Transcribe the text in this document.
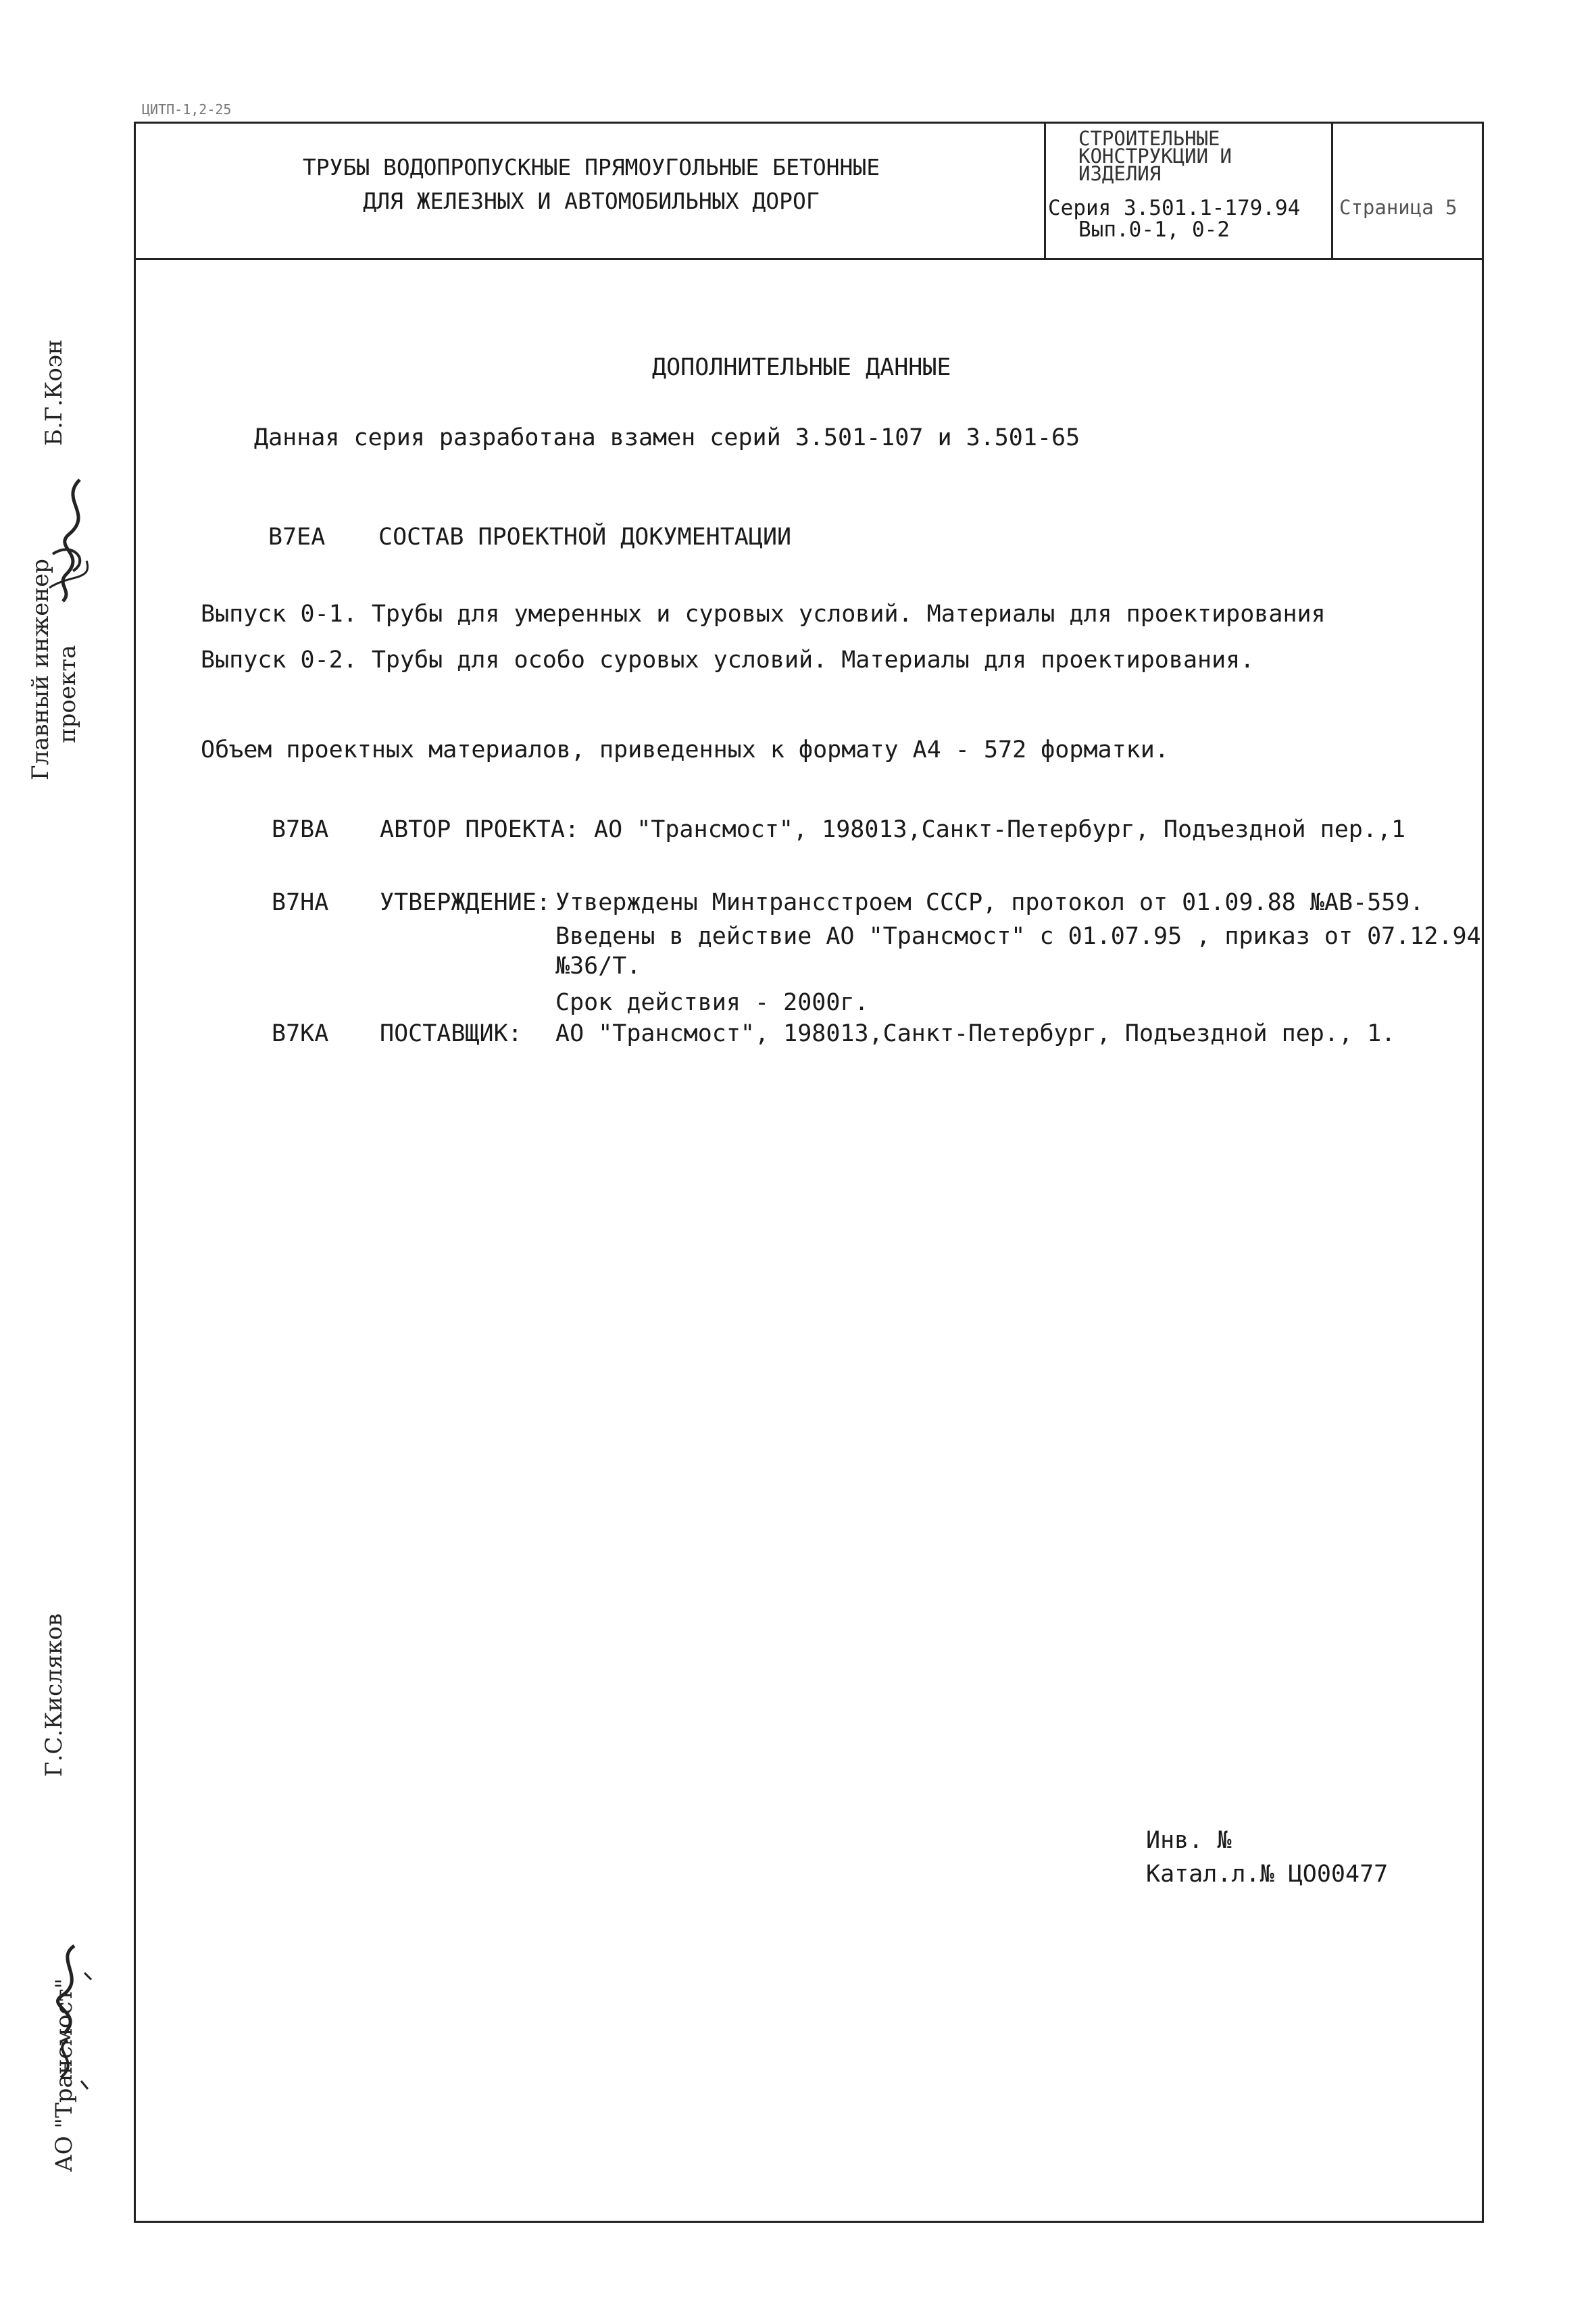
ЦИТП-1,2-25
ТРУБЫ ВОДОПРОПУСКНЫЕ ПРЯМОУГОЛЬНЫЕ БЕТОННЫЕ
ДЛЯ ЖЕЛЕЗНЫХ И АВТОМОБИЛЬНЫХ ДОРОГ
СТРОИТЕЛЬНЫЕ
КОНСТРУКЦИИ И
ИЗДЕЛИЯ
Серия 3.501.1-179.94
Вып.0-1, 0-2
Страница 5
ДОПОЛНИТЕЛЬНЫЕ ДАННЫЕ
Данная серия разработана взамен серий 3.501-107 и 3.501-65
В7ЕА СОСТАВ ПРОЕКТНОЙ ДОКУМЕНТАЦИИ
Выпуск 0-1. Трубы для умеренных и суровых условий. Материалы для проектирования
Выпуск 0-2. Трубы для особо суровых условий. Материалы для проектирования.
Объем проектных материалов, приведенных к формату А4 - 572 форматки.
В7ВА АВТОР ПРОЕКТА: АО "Трансмост", 198013,Санкт-Петербург, Подъездной пер.,1
В7НА УТВЕРЖДЕНИЕ: Утверждены Минтрансстроем СССР, протокол от 01.09.88 №АВ-559.
Введены в действие АО "Трансмост" с 01.07.95 , приказ от 07.12.94
№36/Т.
Срок действия - 2000г.
В7КА ПОСТАВЩИК: АО "Трансмост", 198013,Санкт-Петербург, Подъездной пер., 1.
Инв. №
Катал.л.№ ЦО00477
Главный инженер проекта
Б.Г.Коэн
АО "Трансмост"
Г.С.Кисляков
